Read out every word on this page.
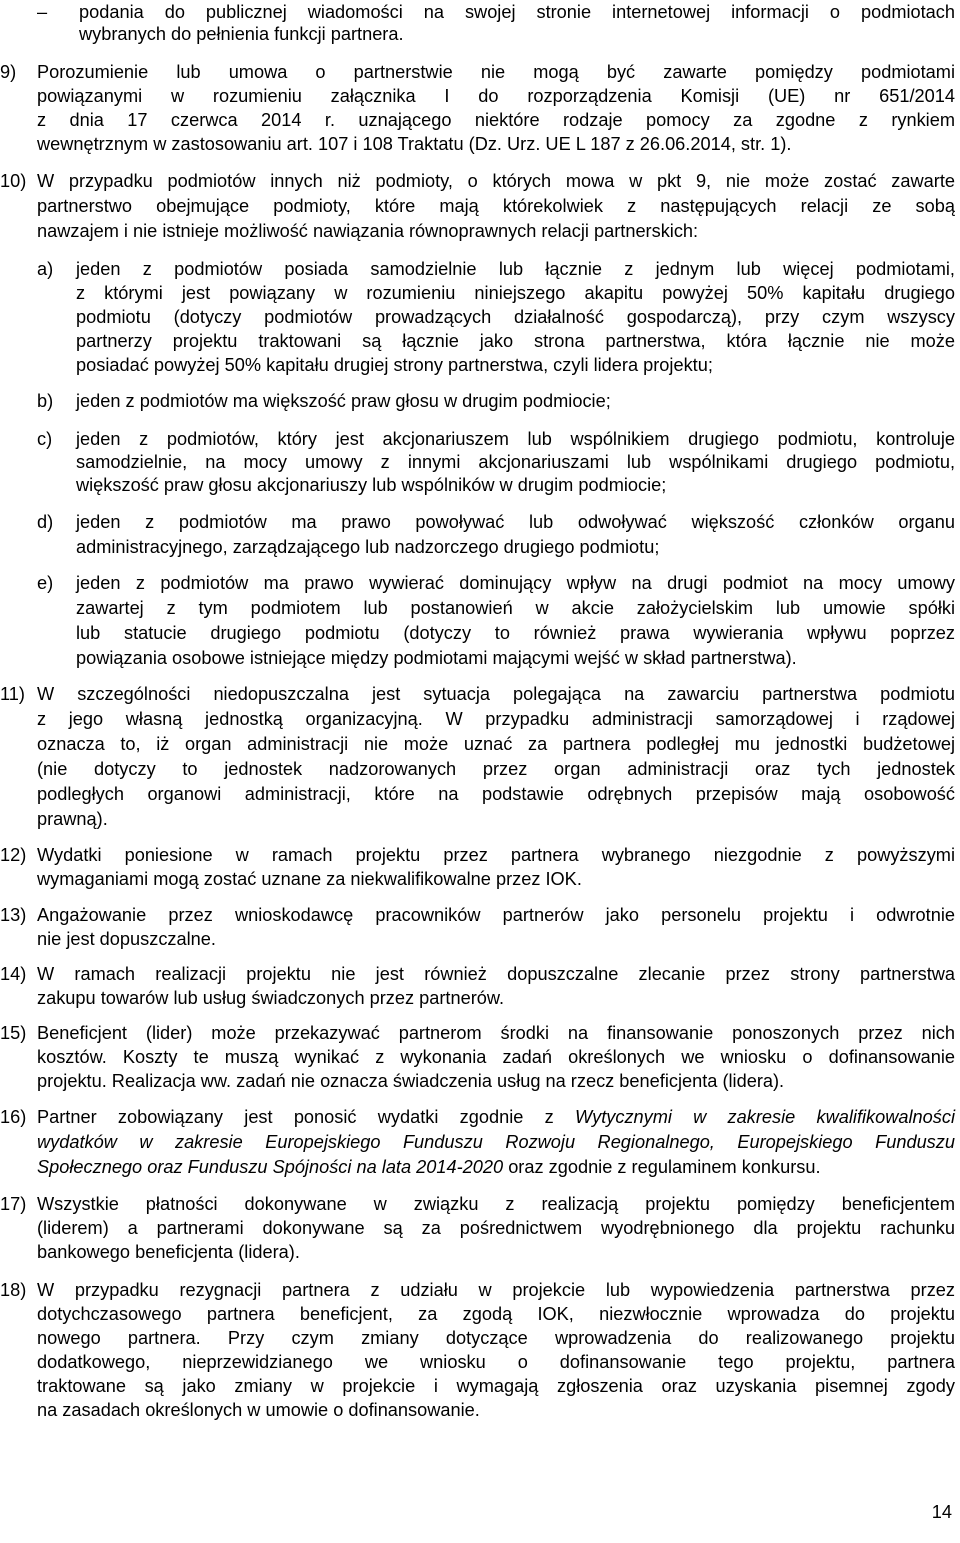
– podania do publicznej wiadomości na swojej stronie internetowej informacji o podmiotach
wybranych do pełnienia funkcji partnera.
9) Porozumienie lub umowa o partnerstwie nie mogą być zawarte pomiędzy podmiotami
powiązanymi w rozumieniu załącznika I do rozporządzenia Komisji (UE) nr 651/2014
z dnia 17 czerwca 2014 r. uznającego niektóre rodzaje pomocy za zgodne z rynkiem
wewnętrznym w zastosowaniu art. 107 i 108 Traktatu (Dz. Urz. UE L 187 z 26.06.2014, str. 1).
10) W przypadku podmiotów innych niż podmioty, o których mowa w pkt 9, nie może zostać zawarte
partnerstwo obejmujące podmioty, które mają którekolwiek z następujących relacji ze sobą
nawzajem i nie istnieje możliwość nawiązania równoprawnych relacji partnerskich:
a) jeden z podmiotów posiada samodzielnie lub łącznie z jednym lub więcej podmiotami,
z którymi jest powiązany w rozumieniu niniejszego akapitu powyżej 50% kapitału drugiego
podmiotu (dotyczy podmiotów prowadzących działalność gospodarczą), przy czym wszyscy
partnerzy projektu traktowani są łącznie jako strona partnerstwa, która łącznie nie może
posiadać powyżej 50% kapitału drugiej strony partnerstwa, czyli lidera projektu;
b) jeden z podmiotów ma większość praw głosu w drugim podmiocie;
c) jeden z podmiotów, który jest akcjonariuszem lub wspólnikiem drugiego podmiotu, kontroluje
samodzielnie, na mocy umowy z innymi akcjonariuszami lub wspólnikami drugiego podmiotu,
większość praw głosu akcjonariuszy lub wspólników w drugim podmiocie;
d) jeden z podmiotów ma prawo powoływać lub odwoływać większość członków organu
administracyjnego, zarządzającego lub nadzorczego drugiego podmiotu;
e) jeden z podmiotów ma prawo wywierać dominujący wpływ na drugi podmiot na mocy umowy
zawartej z tym podmiotem lub postanowień w akcie założycielskim lub umowie spółki
lub statucie drugiego podmiotu (dotyczy to również prawa wywierania wpływu poprzez
powiązania osobowe istniejące między podmiotami mającymi wejść w skład partnerstwa).
11) W szczególności niedopuszczalna jest sytuacja polegająca na zawarciu partnerstwa podmiotu
z jego własną jednostką organizacyjną. W przypadku administracji samorządowej i rządowej
oznacza to, iż organ administracji nie może uznać za partnera podległej mu jednostki budżetowej
(nie dotyczy to jednostek nadzorowanych przez organ administracji oraz tych jednostek
podległych organowi administracji, które na podstawie odrębnych przepisów mają osobowość
prawną).
12) Wydatki poniesione w ramach projektu przez partnera wybranego niezgodnie z powyższymi
wymaganiami mogą zostać uznane za niekwalifikowalne przez IOK.
13) Angażowanie przez wnioskodawcę pracowników partnerów jako personelu projektu i odwrotnie
nie jest dopuszczalne.
14) W ramach realizacji projektu nie jest również dopuszczalne zlecanie przez strony partnerstwa
zakupu towarów lub usług świadczonych przez partnerów.
15) Beneficjent (lider) może przekazywać partnerom środki na finansowanie ponoszonych przez nich
kosztów. Koszty te muszą wynikać z wykonania zadań określonych we wniosku o dofinansowanie
projektu. Realizacja ww. zadań nie oznacza świadczenia usług na rzecz beneficjenta (lidera).
16) Partner zobowiązany jest ponosić wydatki zgodnie z Wytycznymi w zakresie kwalifikowalności
wydatków w zakresie Europejskiego Funduszu Rozwoju Regionalnego, Europejskiego Funduszu
Społecznego oraz Funduszu Spójności na lata 2014-2020 oraz zgodnie z regulaminem konkursu.
17) Wszystkie płatności dokonywane w związku z realizacją projektu pomiędzy beneficjentem
(liderem) a partnerami dokonywane są za pośrednictwem wyodrębnionego dla projektu rachunku
bankowego beneficjenta (lidera).
18) W przypadku rezygnacji partnera z udziału w projekcie lub wypowiedzenia partnerstwa przez
dotychczasowego partnera beneficjent, za zgodą IOK, niezwłocznie wprowadza do projektu
nowego partnera. Przy czym zmiany dotyczące wprowadzenia do realizowanego projektu
dodatkowego, nieprzewidzianego we wniosku o dofinansowanie tego projektu, partnera
traktowane są jako zmiany w projekcie i wymagają zgłoszenia oraz uzyskania pisemnej zgody
na zasadach określonych w umowie o dofinansowanie.
14
